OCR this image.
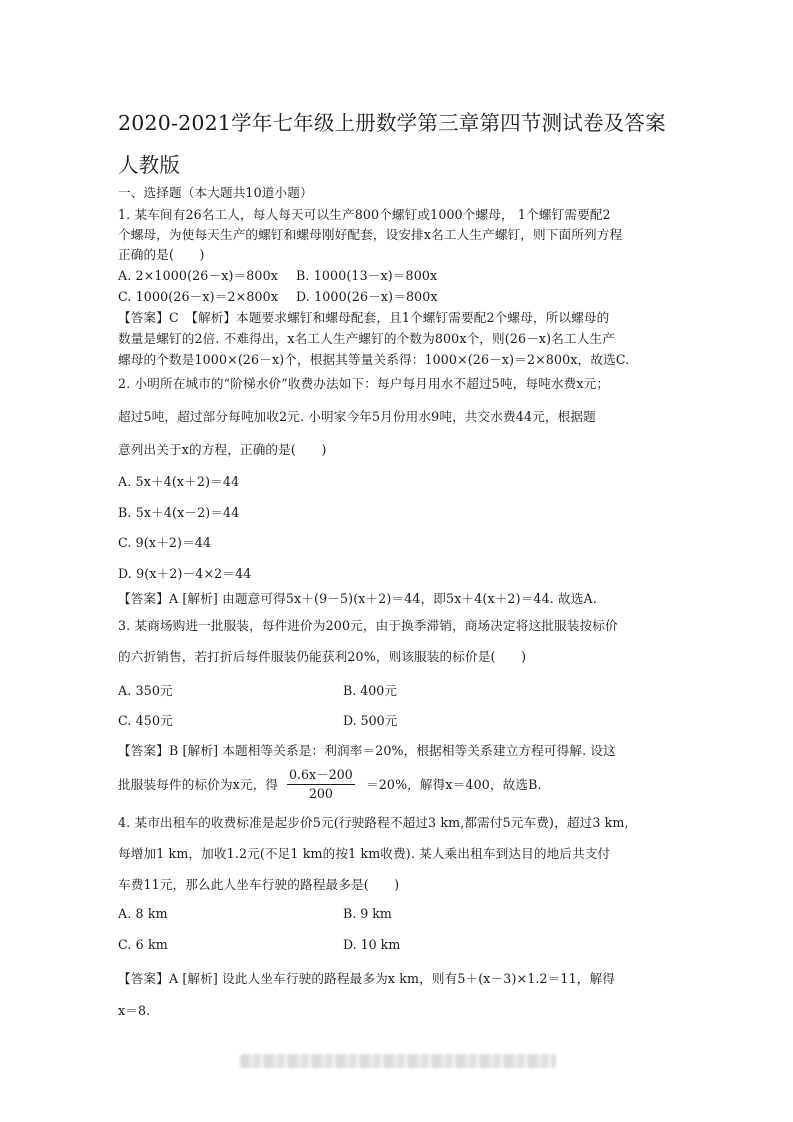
2020-2021学年七年级上册数学第三章第四节测试卷及答案
人教版
一、选择题（本大题共10道小题）
1. 某车间有26名工人，每人每天可以生产800个螺钉或1000个螺母， 1个螺钉需要配2
个螺母，为使每天生产的螺钉和螺母刚好配套，设安排x名工人生产螺钉，则下面所列方程
正确的是(　　)
A. 2×1000(26－x)＝800x B. 1000(13－x)＝800x
C. 1000(26－x)＝2×800x D. 1000(26－x)＝800x
【答案】C　【解析】本题要求螺钉和螺母配套，且1个螺钉需要配2个螺母，所以螺母的
数量是螺钉的2倍. 不难得出，x名工人生产螺钉的个数为800x个，则(26－x)名工人生产
螺母的个数是1000×(26－x)个，根据其等量关系得：1000×(26－x)＝2×800x，故选C.
2. 小明所在城市的“阶梯水价”收费办法如下：每户每月用水不超过5吨，每吨水费x元；
超过5吨，超过部分每吨加收2元. 小明家今年5月份用水9吨，共交水费44元，根据题
意列出关于x的方程，正确的是(　　)
A. 5x＋4(x＋2)＝44
B. 5x＋4(x－2)＝44
C. 9(x＋2)＝44
D. 9(x＋2)－4×2＝44
【答案】A [解析] 由题意可得5x＋(9－5)(x＋2)＝44，即5x＋4(x＋2)＝44. 故选A.
3. 某商场购进一批服装，每件进价为200元，由于换季滞销，商场决定将这批服装按标价
的六折销售，若打折后每件服装仍能获利20%，则该服装的标价是(　　)
A. 350元	B. 400元
C. 450元	D. 500元
【答案】B [解析] 本题相等关系是：利润率＝20%，根据相等关系建立方程可得解. 设这
批服装每件的标价为x元，得 $\frac{0.6x-200}{200} =20\%$，解得x＝400，故选B.
4. 某市出租车的收费标准是起步价5元(行驶路程不超过3 km,都需付5元车费)，超过3 km,
每增加1 km，加收1.2元(不足1 km的按1 km收费). 某人乘出租车到达目的地后共支付
车费11元，那么此人坐车行驶的路程最多是(　　)
A. 8 km	B. 9 km
C. 6 km	D. 10 km
【答案】A [解析] 设此人坐车行驶的路程最多为x km，则有5＋(x－3)×1.2＝11，解得
x＝8.
